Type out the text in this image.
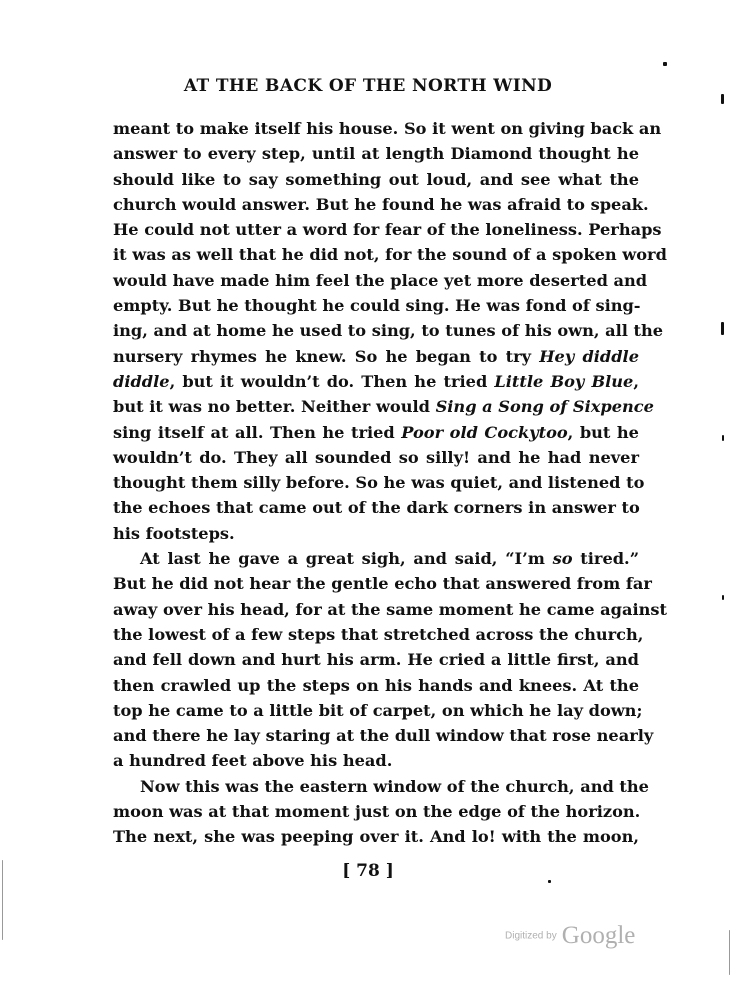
AT THE BACK OF THE NORTH WIND
meant to make itself his house. So it went on giving back an
answer to every step, until at length Diamond thought he
should like to say something out loud, and see what the
church would answer. But he found he was afraid to speak.
He could not utter a word for fear of the loneliness. Perhaps
it was as well that he did not, for the sound of a spoken word
would have made him feel the place yet more deserted and
empty. But he thought he could sing. He was fond of sing-
ing, and at home he used to sing, to tunes of his own, all the
nursery rhymes he knew. So he began to try Hey diddle
diddle, but it wouldn’t do. Then he tried Little Boy Blue,
but it was no better. Neither would Sing a Song of Sixpence
sing itself at all. Then he tried Poor old Cockytoo, but he
wouldn’t do. They all sounded so silly! and he had never
thought them silly before. So he was quiet, and listened to
the echoes that came out of the dark corners in answer to
his footsteps.
At last he gave a great sigh, and said, “I’m so tired.”
But he did not hear the gentle echo that answered from far
away over his head, for at the same moment he came against
the lowest of a few steps that stretched across the church,
and fell down and hurt his arm. He cried a little first, and
then crawled up the steps on his hands and knees. At the
top he came to a little bit of carpet, on which he lay down;
and there he lay staring at the dull window that rose nearly
a hundred feet above his head.
Now this was the eastern window of the church, and the
moon was at that moment just on the edge of the horizon.
The next, she was peeping over it. And lo! with the moon,
[ 78 ]
Digitized by Google
